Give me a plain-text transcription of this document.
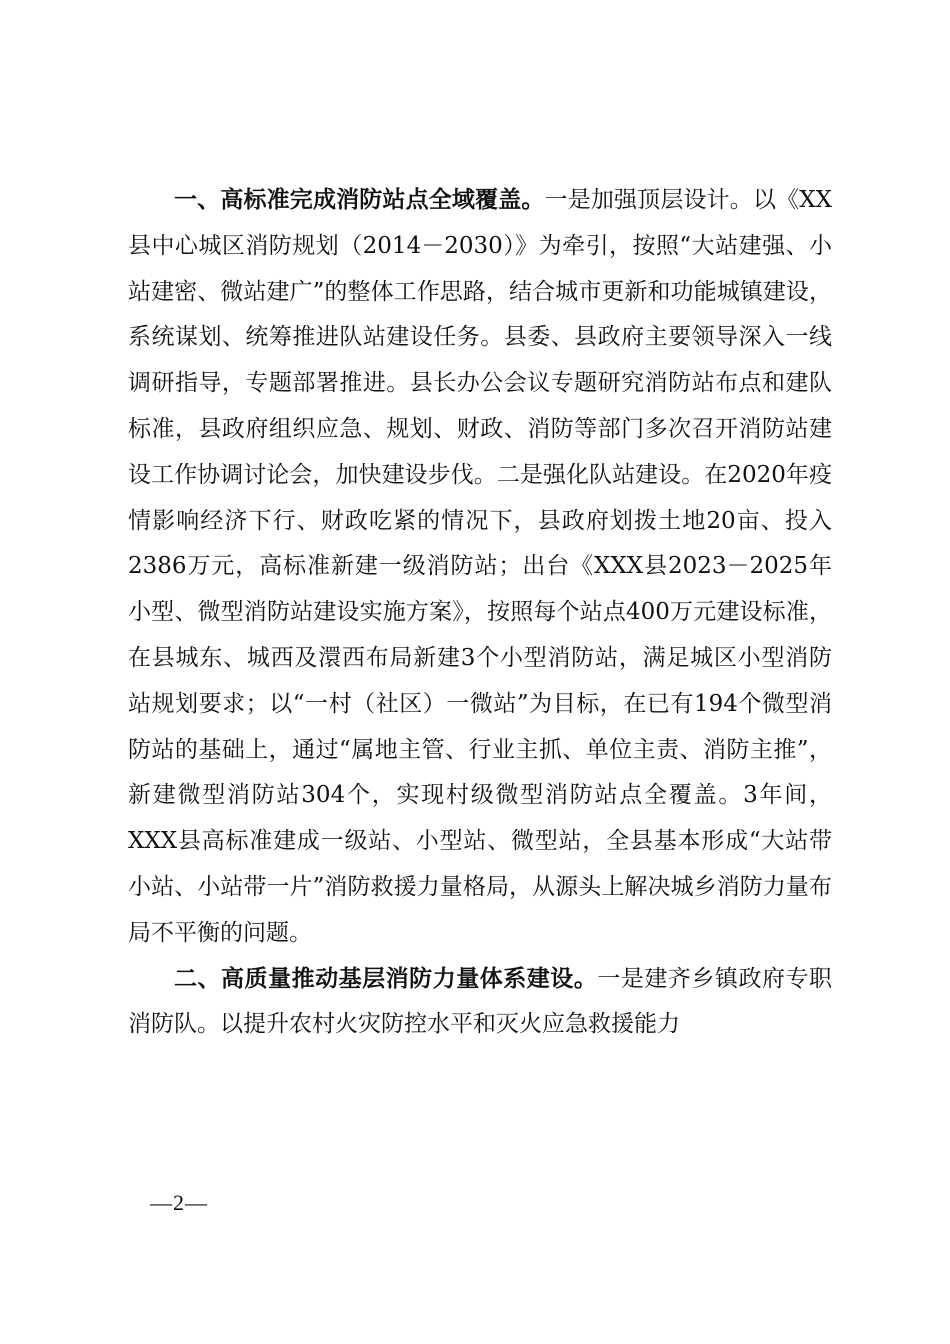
一、高标准完成消防站点全域覆盖。一是加强顶层设计。以《XX县中心城区消防规划（2014－2030）》为牵引，按照“大站建强、小站建密、微站建广”的整体工作思路，结合城市更新和功能城镇建设，系统谋划、统筹推进队站建设任务。县委、县政府主要领导深入一线调研指导，专题部署推进。县长办公会议专题研究消防站布点和建队标准，县政府组织应急、规划、财政、消防等部门多次召开消防站建设工作协调讨论会，加快建设步伐。二是强化队站建设。在2020年疫情影响经济下行、财政吃紧的情况下，县政府划拨土地20亩、投入2386万元，高标准新建一级消防站；出台《XXX县2023－2025年小型、微型消防站建设实施方案》，按照每个站点400万元建设标准，在县城东、城西及澴西布局新建3个小型消防站，满足城区小型消防站规划要求；以“一村（社区）一微站”为目标，在已有194个微型消防站的基础上，通过“属地主管、行业主抓、单位主责、消防主推”，新建微型消防站304个，实现村级微型消防站点全覆盖。3年间，XXX县高标准建成一级站、小型站、微型站，全县基本形成“大站带小站、小站带一片”消防救援力量格局，从源头上解决城乡消防力量布局不平衡的问题。

二、高质量推动基层消防力量体系建设。一是建齐乡镇政府专职消防队。以提升农村火灾防控水平和灭火应急救援能力

—2—
